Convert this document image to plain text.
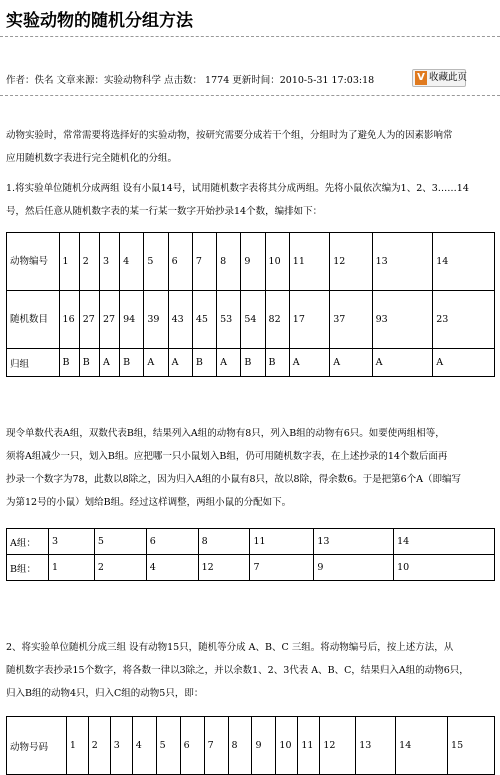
实验动物的随机分组方法
作者：佚名 文章来源：实验动物科学 点击数： 1774 更新时间：2010-5-31 17:03:18	V 收藏此页
动物实验时，常常需要将选择好的实验动物，按研究需要分成若干个组，分组时为了避免人为的因素影响常
应用随机数字表进行完全随机化的分组。
1.将实验单位随机分成两组 设有小鼠14号，试用随机数字表将其分成两组。先将小鼠依次编为1、2、3……14
号，然后任意从随机数字表的某一行某一数字开始抄录14个数，编排如下：
动物编号	1	2	3	4	5	6	7	8	9	10	11	12	13	14
随机数目	16	27	27	94	39	43	45	53	54	82	17	37	93	23
归组	B	B	A	B	A	A	B	A	B	B	A	A	A	A
现令单数代表A组，双数代表B组，结果列入A组的动物有8只，列入B组的动物有6只。如要使两组相等，
须将A组减少一只，划入B组。应把哪一只小鼠划入B组，仍可用随机数字表，在上述抄录的14个数后面再
抄录一个数字为78，此数以8除之，因为归入A组的小鼠有8只，故以8除，得余数6。于是把第6个A（即编写
为第12号的小鼠）划给B组。经过这样调整，两组小鼠的分配如下。
A组：	3	5	6	8	11	13	14
B组：	1	2	4	12	7	9	10
2、将实验单位随机分成三组 设有动物15只，随机等分成 A、B、C 三组。将动物编号后，按上述方法，从
随机数字表抄录15个数字，将各数一律以3除之，并以余数1、2、3代表 A、B、C，结果归入A组的动物6只，
归入B组的动物4只，归入C组的动物5只，即：
动物号码	1	2	3	4	5	6	7	8	9	10	11	12	13	14	15
